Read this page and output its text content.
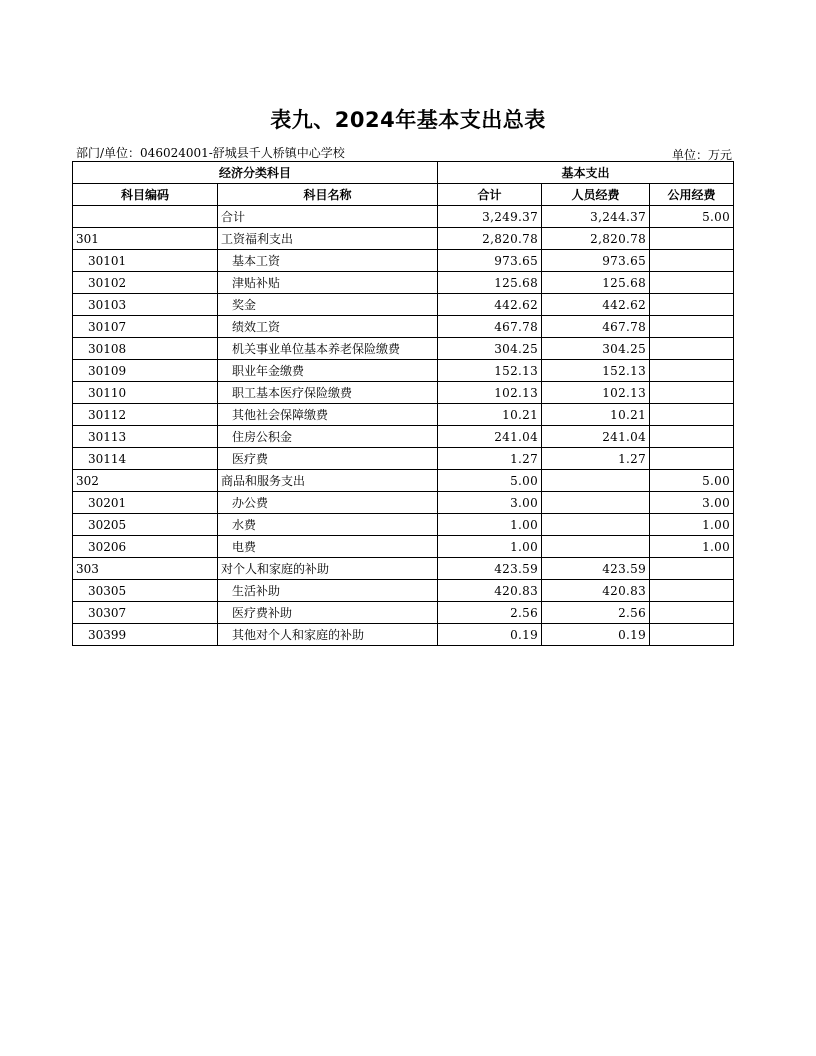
表九、2024年基本支出总表
部门/单位：046024001-舒城县千人桥镇中心学校	单位：万元
经济分类科目		基本支出		
科目编码	科目名称	合计	人员经费	公用经费
	合计	3,249.37	3,244.37	5.00
301	工资福利支出	2,820.78	2,820.78	
30101	基本工资	973.65	973.65	
30102	津贴补贴	125.68	125.68	
30103	奖金	442.62	442.62	
30107	绩效工资	467.78	467.78	
30108	机关事业单位基本养老保险缴费	304.25	304.25	
30109	职业年金缴费	152.13	152.13	
30110	职工基本医疗保险缴费	102.13	102.13	
30112	其他社会保障缴费	10.21	10.21	
30113	住房公积金	241.04	241.04	
30114	医疗费	1.27	1.27	
302	商品和服务支出	5.00		5.00
30201	办公费	3.00		3.00
30205	水费	1.00		1.00
30206	电费	1.00		1.00
303	对个人和家庭的补助	423.59	423.59	
30305	生活补助	420.83	420.83	
30307	医疗费补助	2.56	2.56	
30399	其他对个人和家庭的补助	0.19	0.19	
